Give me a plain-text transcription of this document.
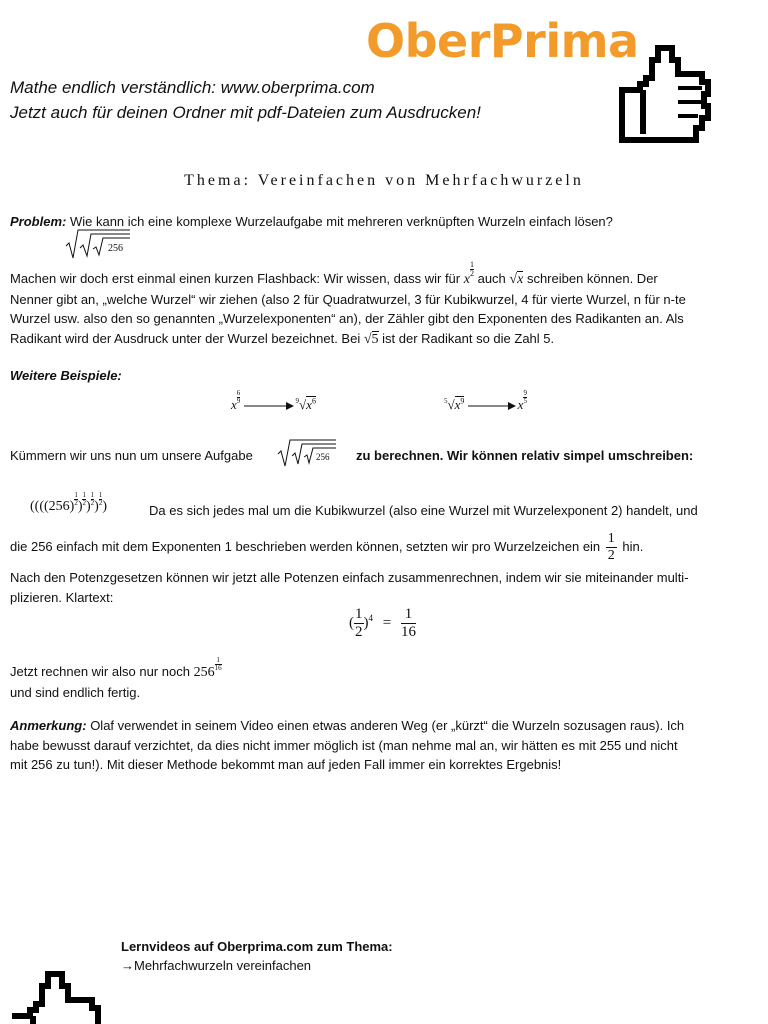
OberPrima
Mathe endlich verständlich: www.oberprima.com
Jetzt auch für deinen Ordner mit pdf-Dateien zum Ausdrucken!
Thema: Vereinfachen von Mehrfachwurzeln
Problem: Wie kann ich eine komplexe Wurzelaufgabe mit mehreren verknüpften Wurzeln einfach lösen?
256
Machen wir doch erst einmal einen kurzen Flashback: Wir wissen, dass wir für x
$\frac{1}{2}$
auch √x schreiben können. Der
Nenner gibt an, „welche Wurzel“ wir ziehen (also 2 für Quadratwurzel, 3 für Kubikwurzel, 4 für vierte Wurzel, n für n-te
Wurzel usw. also den so genannten „Wurzelexponenten“ an), der Zähler gibt den Exponenten des Radikanten an. Als
Radikant wird der Ausdruck unter der Wurzel bezeichnet. Bei √5 ist der Radikant so die Zahl 5.
Weitere Beispiele:
x $\frac{6}{9}$	$^9√x^6$	$^5√x^9$	x $\frac{9}{5}$
Kümmern wir uns nun um unsere Aufgabe	256 zu berechnen. Wir können relativ simpel umschreiben:
((($(256) \frac{1}{2}$ ) $\frac{1}{2}$ ) $\frac{1}{2}$ ) $\frac{1}{2}$ )	Da es sich jedes mal um die Kubikwurzel (also eine Wurzel mit Wurzelexponent 2) handelt, und
die 256 einfach mit dem Exponenten 1 beschrieben werden können, setzten wir pro Wurzelzeichen ein $\frac{1}{2}$ hin.
Nach den Potenzgesetzen können wir jetzt alle Potenzen einfach zusammenrechnen, indem wir sie miteinander multi-
plizieren. Klartext:
( $\frac{1}{2} )^4 = \frac{1}{16}$
Jetzt rechnen wir also nur noch 256
$\frac{1}{16}$
und sind endlich fertig.
Anmerkung: Olaf verwendet in seinem Video einen etwas anderen Weg (er „kürzt“ die Wurzeln sozusagen raus). Ich
habe bewusst darauf verzichtet, da dies nicht immer möglich ist (man nehme mal an, wir hätten es mit 255 und nicht
mit 256 zu tun!). Mit dieser Methode bekommt man auf jeden Fall immer ein korrektes Ergebnis!
Lernvideos auf Oberprima.com zum Thema:
→Mehrfachwurzeln vereinfachen
